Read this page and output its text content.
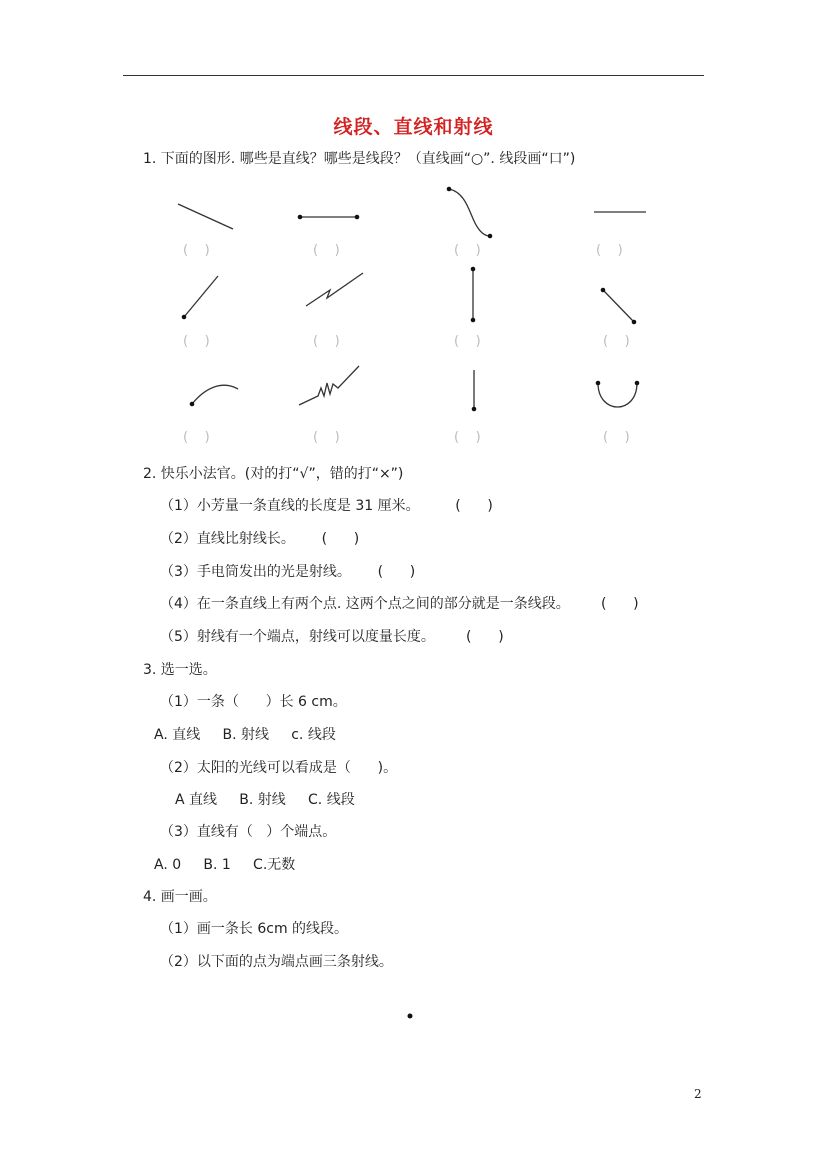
线段、直线和射线
1. 下面的图形. 哪些是直线？哪些是线段？（直线画“○”. 线段画“口”)
(    )	(    )	(    )	(    )
(    )	(    )	(    )	(    )
(    )	(    )	(    )	(    )
2. 快乐小法官。(对的打“√”，错的打“×”)
（1）小芳量一条直线的长度是 31 厘米。        (      )
（2）直线比射线长。      (      )
（3）手电筒发出的光是射线。      (      )
（4）在一条直线上有两个点. 这两个点之间的部分就是一条线段。       (      )
（5）射线有一个端点，射线可以度量长度。       (      )
3. 选一选。
（1）一条（      ）长 6 cm。
A. 直线     B. 射线     c. 线段
（2）太阳的光线可以看成是（      )。
A 直线     B. 射线     C. 线段
（3）直线有（   ）个端点。
A. 0     B. 1     C.无数
4. 画一画。
（1）画一条长 6cm 的线段。
（2）以下面的点为端点画三条射线。
2
